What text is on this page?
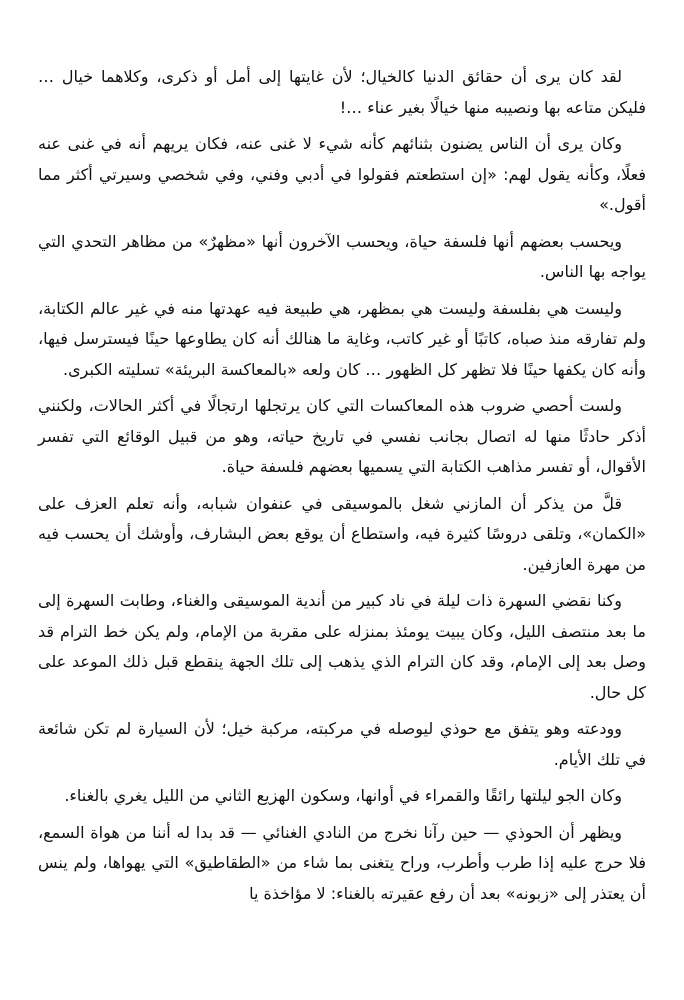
لقد كان يرى أن حقائق الدنيا كالخيال؛ لأن غايتها إلى أمل أو ذكرى، وكلاهما خيال … فليكن متاعه بها ونصيبه منها خيالًا بغير عناء …!

وكان يرى أن الناس يضنون بثنائهم كأنه شيء لا غنى عنه، فكان يريهم أنه في غنى عنه فعلًا، وكأنه يقول لهم: «إن استطعتم فقولوا في أدبي وفني، وفي شخصي وسيرتي أكثر مما أقول.»

ويحسب بعضهم أنها فلسفة حياة، ويحسب الآخرون أنها «مظهرٌ» من مظاهر التحدي التي يواجه بها الناس.

وليست هي بفلسفة وليست هي بمظهر، هي طبيعة فيه عهدتها منه في غير عالم الكتابة، ولم تفارقه منذ صباه، كاتبًا أو غير كاتب، وغاية ما هنالك أنه كان يطاوعها حينًا فيسترسل فيها، وأنه كان يكفها حينًا فلا تظهر كل الظهور … كان ولعه «بالمعاكسة البريئة» تسليته الكبرى.

ولست أحصي ضروب هذه المعاكسات التي كان يرتجلها ارتجالًا في أكثر الحالات، ولكنني أذكر حادثًا منها له اتصال بجانب نفسي في تاريخ حياته، وهو من قبيل الوقائع التي تفسر الأقوال، أو تفسر مذاهب الكتابة التي يسميها بعضهم فلسفة حياة.

قلَّ من يذكر أن المازني شغل بالموسيقى في عنفوان شبابه، وأنه تعلم العزف على «الكمان»، وتلقى دروسًا كثيرة فيه، واستطاع أن يوقع بعض البشارف، وأوشك أن يحسب فيه من مهرة العازفين.

وكنا نقضي السهرة ذات ليلة في ناد كبير من أندية الموسيقى والغناء، وطابت السهرة إلى ما بعد منتصف الليل، وكان يبيت يومئذ بمنزله على مقربة من الإمام، ولم يكن خط الترام قد وصل بعد إلى الإمام، وقد كان الترام الذي يذهب إلى تلك الجهة ينقطع قبل ذلك الموعد على كل حال.

وودعته وهو يتفق مع حوذي ليوصله في مركبته، مركبة خيل؛ لأن السيارة لم تكن شائعة في تلك الأيام.

وكان الجو ليلتها رائقًا والقمراء في أوانها، وسكون الهزيع الثاني من الليل يغري بالغناء.

ويظهر أن الحوذي — حين رآنا نخرج من النادي الغنائي — قد بدا له أننا من هواة السمع، فلا حرج عليه إذا طرب وأطرب، وراح يتغنى بما شاء من «الطقاطيق» التي يهواها، ولم ينس أن يعتذر إلى «زبونه» بعد أن رفع عقيرته بالغناء: لا مؤاخذة يا
